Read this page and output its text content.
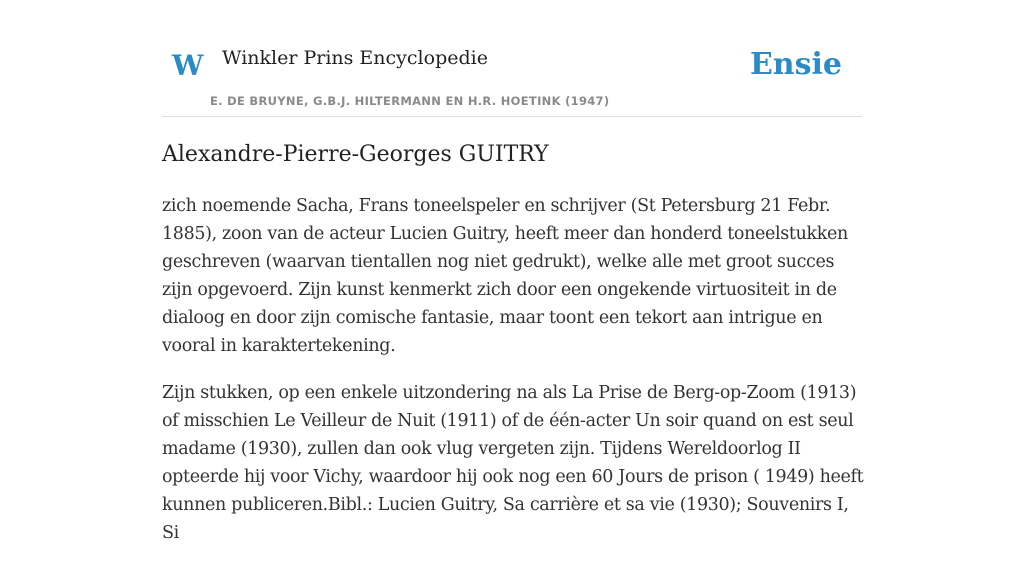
W Winkler Prins Encyclopedie
E. DE BRUYNE, G.B.J. HILTERMANN EN H.R. HOETINK (1947)
Ensie
Alexandre-Pierre-Georges GUITRY

zich noemende Sacha, Frans toneelspeler en schrijver (St Petersburg 21 Febr. 1885), zoon van de acteur Lucien Guitry, heeft meer dan honderd toneelstukken geschreven (waarvan tientallen nog niet gedrukt), welke alle met groot succes zijn opgevoerd. Zijn kunst kenmerkt zich door een ongekende virtuositeit in de dialoog en door zijn comische fantasie, maar toont een tekort aan intrigue en vooral in karaktertekening.

Zijn stukken, op een enkele uitzondering na als La Prise de Berg-op-Zoom (1913) of misschien Le Veilleur de Nuit (1911) of de één-acter Un soir quand on est seul madame (1930), zullen dan ook vlug vergeten zijn. Tijdens Wereldoorlog II opteerde hij voor Vichy, waardoor hij ook nog een 60 Jours de prison ( 1949) heeft kunnen publiceren.Bibl.: Lucien Guitry, Sa carrière et sa vie (1930); Souvenirs I, Si
